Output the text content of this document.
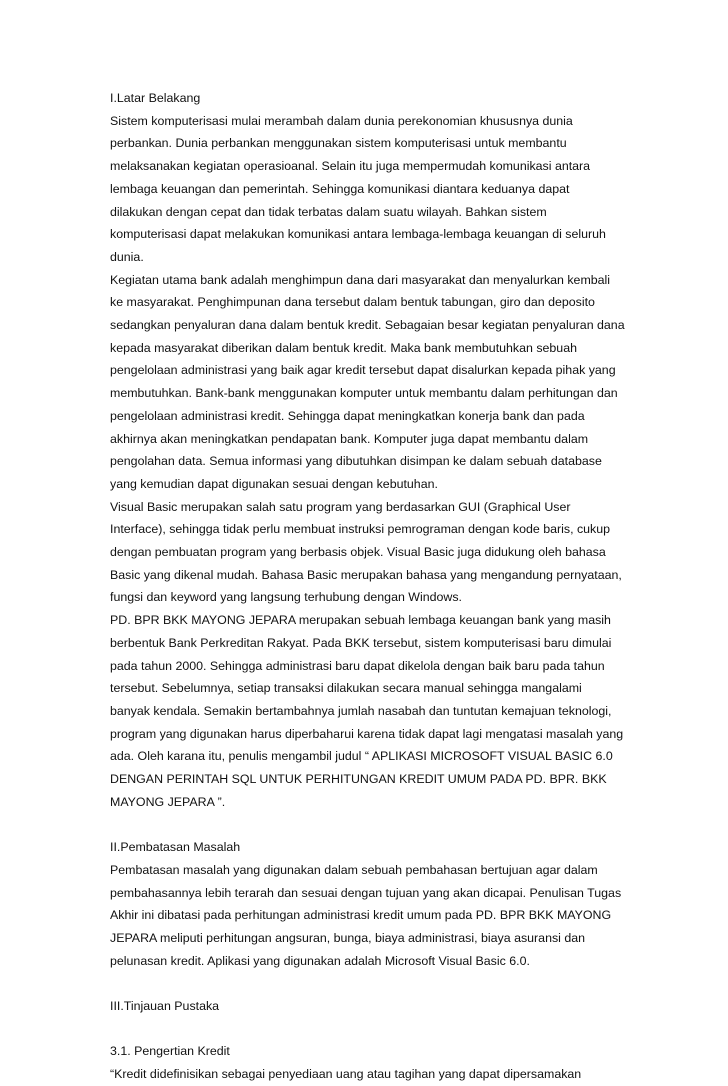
I.Latar Belakang

Sistem komputerisasi mulai merambah dalam dunia perekonomian khususnya dunia

perbankan. Dunia perbankan menggunakan sistem komputerisasi untuk membantu

melaksanakan kegiatan operasioanal. Selain itu juga mempermudah komunikasi antara

lembaga keuangan dan pemerintah. Sehingga komunikasi diantara keduanya dapat

dilakukan dengan cepat dan tidak terbatas dalam suatu wilayah. Bahkan sistem

komputerisasi dapat melakukan komunikasi antara lembaga-lembaga keuangan di seluruh

dunia.

Kegiatan utama bank adalah menghimpun dana dari masyarakat dan menyalurkan kembali

ke masyarakat. Penghimpunan dana tersebut dalam bentuk tabungan, giro dan deposito

sedangkan penyaluran dana dalam bentuk kredit. Sebagaian besar kegiatan penyaluran dana

kepada masyarakat diberikan dalam bentuk kredit. Maka bank membutuhkan sebuah

pengelolaan administrasi yang baik agar kredit tersebut dapat disalurkan kepada pihak yang

membutuhkan. Bank-bank menggunakan komputer untuk membantu dalam perhitungan dan

pengelolaan administrasi kredit. Sehingga dapat meningkatkan konerja bank dan pada

akhirnya akan meningkatkan pendapatan bank. Komputer juga dapat membantu dalam

pengolahan data. Semua informasi yang dibutuhkan disimpan ke dalam sebuah database

yang kemudian dapat digunakan sesuai dengan kebutuhan.

Visual Basic merupakan salah satu program yang berdasarkan GUI (Graphical User

Interface), sehingga tidak perlu membuat instruksi pemrograman dengan kode baris, cukup

dengan pembuatan program yang berbasis objek. Visual Basic juga didukung oleh bahasa

Basic yang dikenal mudah. Bahasa Basic merupakan bahasa yang mengandung pernyataan,

fungsi dan keyword yang langsung terhubung dengan Windows.

PD. BPR BKK MAYONG JEPARA merupakan sebuah lembaga keuangan bank yang masih

berbentuk Bank Perkreditan Rakyat. Pada BKK tersebut, sistem komputerisasi baru dimulai

pada tahun 2000. Sehingga administrasi baru dapat dikelola dengan baik baru pada tahun

tersebut. Sebelumnya, setiap transaksi dilakukan secara manual sehingga mangalami

banyak kendala. Semakin bertambahnya jumlah nasabah dan tuntutan kemajuan teknologi,

program yang digunakan harus diperbaharui karena tidak dapat lagi mengatasi masalah yang

ada. Oleh karana itu, penulis mengambil judul “ APLIKASI MICROSOFT VISUAL BASIC 6.0

DENGAN PERINTAH SQL UNTUK PERHITUNGAN KREDIT UMUM PADA PD. BPR. BKK

MAYONG JEPARA ”.

II.Pembatasan Masalah

Pembatasan masalah yang digunakan dalam sebuah pembahasan bertujuan agar dalam

pembahasannya lebih terarah dan sesuai dengan tujuan yang akan dicapai. Penulisan Tugas

Akhir ini dibatasi pada perhitungan administrasi kredit umum pada PD. BPR BKK MAYONG

JEPARA meliputi perhitungan angsuran, bunga, biaya administrasi, biaya asuransi dan

pelunasan kredit. Aplikasi yang digunakan adalah Microsoft Visual Basic 6.0.

III.Tinjauan Pustaka

3.1. Pengertian Kredit

“Kredit didefinisikan sebagai penyediaan uang atau tagihan yang dapat dipersamakan
